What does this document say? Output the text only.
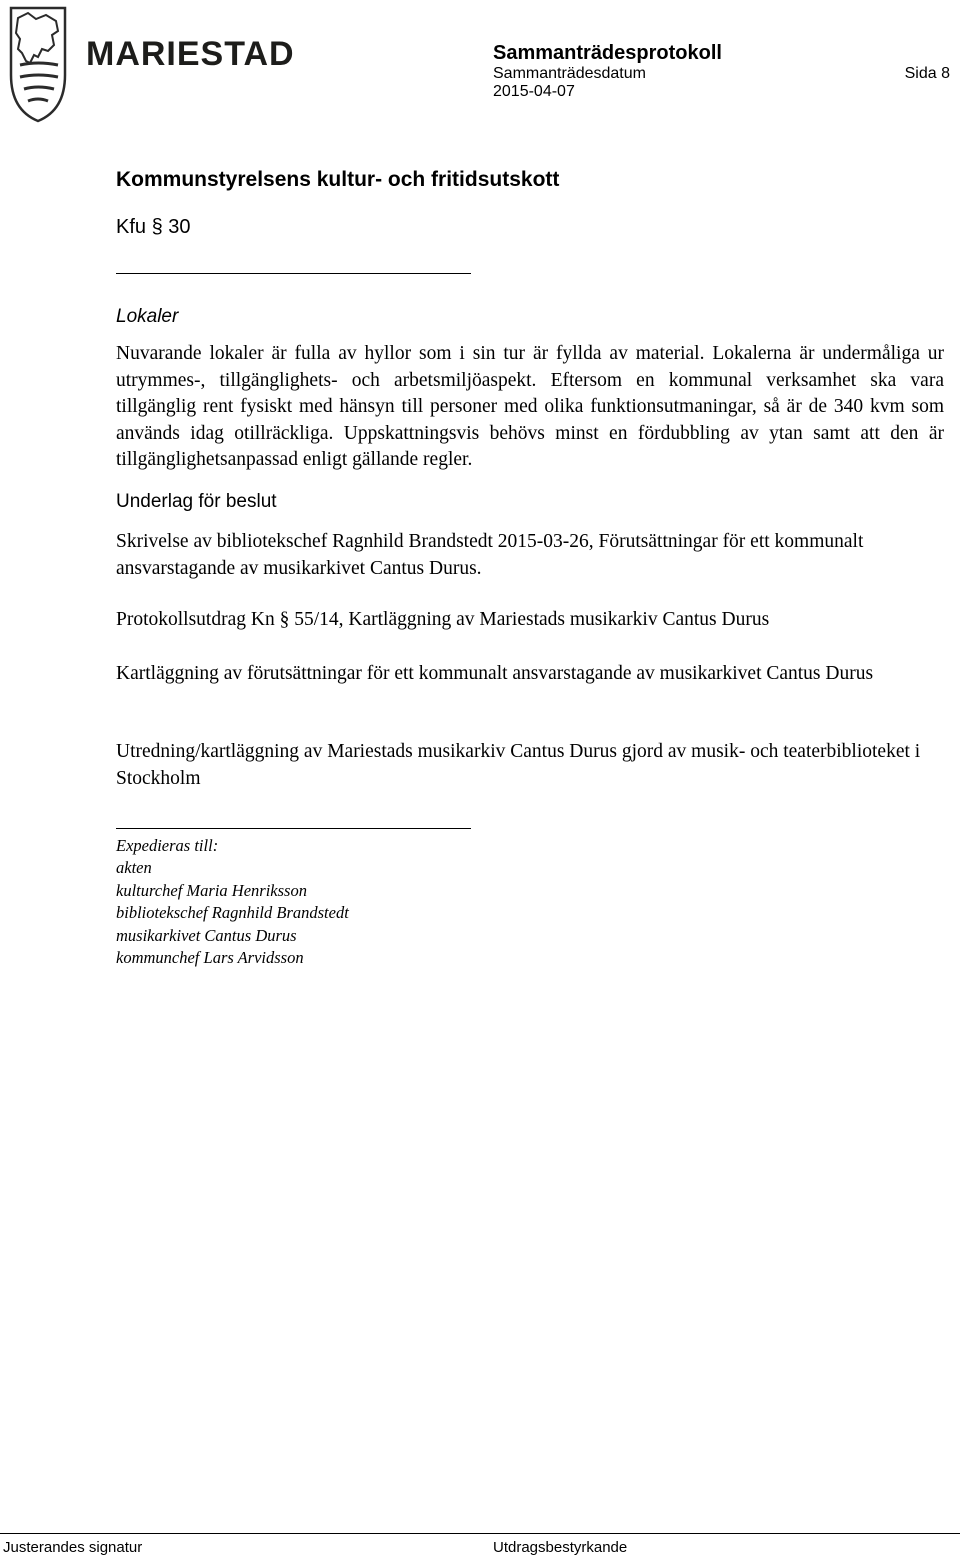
MARIESTAD	Sammanträdesprotokoll
Sammanträdesdatum
2015-04-07
Sida 8
Kommunstyrelsens kultur- och fritidsutskott
Kfu § 30
Lokaler
Nuvarande lokaler är fulla av hyllor som i sin tur är fyllda av material. Lokalerna är undermåliga ur utrymmes-, tillgänglighets- och arbetsmiljöaspekt. Eftersom en kommunal verksamhet ska vara tillgänglig rent fysiskt med hänsyn till personer med olika funktionsutmaningar, så är de 340 kvm som används idag otillräckliga. Uppskattningsvis behövs minst en fördubbling av ytan samt att den är tillgänglighetsanpassad enligt gällande regler.
Underlag för beslut
Skrivelse av bibliotekschef Ragnhild Brandstedt 2015-03-26, Förutsättningar för ett kommunalt ansvarstagande av musikarkivet Cantus Durus.
Protokollsutdrag Kn § 55/14, Kartläggning av Mariestads musikarkiv Cantus Durus
Kartläggning av förutsättningar för ett kommunalt ansvarstagande av musikarkivet Cantus Durus
Utredning/kartläggning av Mariestads musikarkiv Cantus Durus gjord av musik- och teaterbiblioteket i Stockholm
Expedieras till:
akten
kulturchef Maria Henriksson
bibliotekschef Ragnhild Brandstedt
musikarkivet Cantus Durus
kommunchef Lars Arvidsson
Justerandes signatur	Utdragsbestyrkande
